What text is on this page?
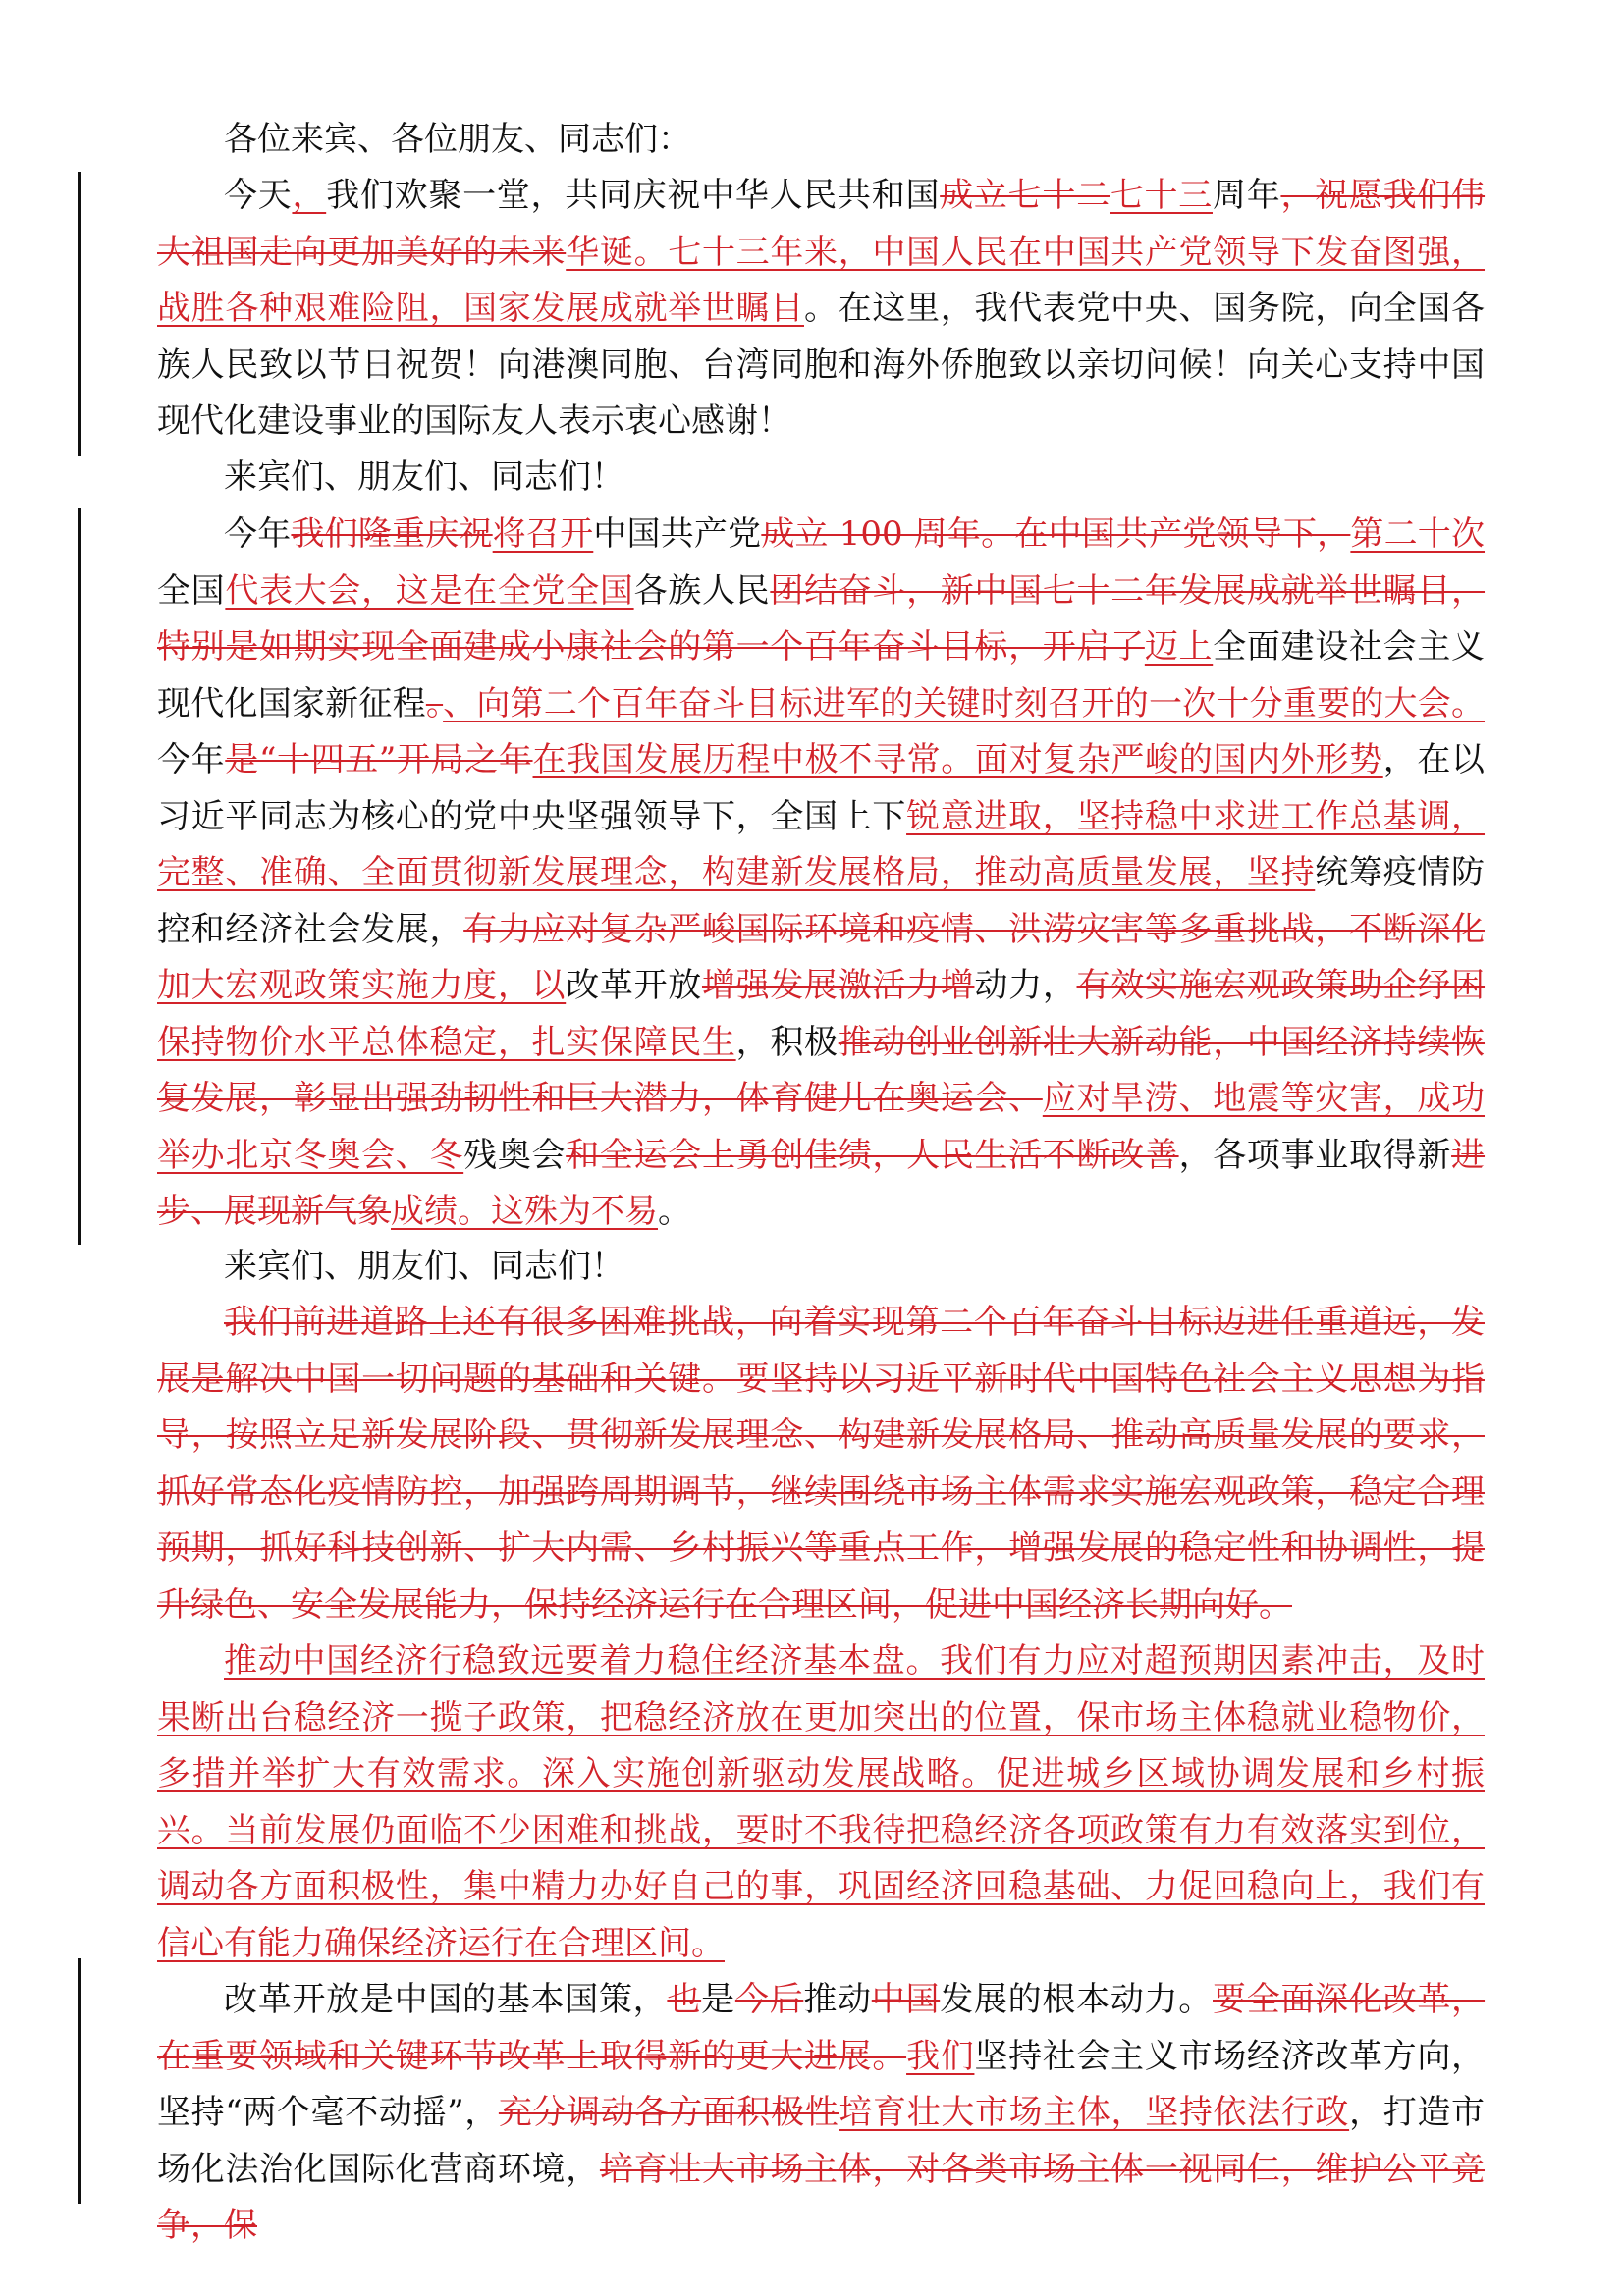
各位来宾、各位朋友、同志们：

今天，我们欢聚一堂，共同庆祝中华人民共和国成立七十二七十三周年，祝愿我们伟大祖国走向更加美好的未来华诞。七十三年来，中国人民在中国共产党领导下发奋图强，战胜各种艰难险阻，国家发展成就举世瞩目。在这里，我代表党中央、国务院，向全国各族人民致以节日祝贺！向港澳同胞、台湾同胞和海外侨胞致以亲切问候！向关心支持中国现代化建设事业的国际友人表示衷心感谢！

来宾们、朋友们、同志们！

今年我们隆重庆祝将召开中国共产党成立 100 周年。在中国共产党领导下，第二十次全国代表大会，这是在全党全国各族人民团结奋斗，新中国七十二年发展成就举世瞩目，特别是如期实现全面建成小康社会的第一个百年奋斗目标，开启了迈上全面建设社会主义现代化国家新征程。、向第二个百年奋斗目标进军的关键时刻召开的一次十分重要的大会。今年是“十四五”开局之年在我国发展历程中极不寻常。面对复杂严峻的国内外形势，在以习近平同志为核心的党中央坚强领导下，全国上下锐意进取，坚持稳中求进工作总基调，完整、准确、全面贯彻新发展理念，构建新发展格局，推动高质量发展，坚持统筹疫情防控和经济社会发展，有力应对复杂严峻国际环境和疫情、洪涝灾害等多重挑战，不断深化加大宏观政策实施力度，以改革开放增强发展激活力增动力，有效实施宏观政策助企纾困保持物价水平总体稳定，扎实保障民生，积极推动创业创新壮大新动能，中国经济持续恢复发展，彰显出强劲韧性和巨大潜力，体育健儿在奥运会、应对旱涝、地震等灾害，成功举办北京冬奥会、冬残奥会和全运会上勇创佳绩，人民生活不断改善，各项事业取得新进步、展现新气象成绩。这殊为不易。

来宾们、朋友们、同志们！

我们前进道路上还有很多困难挑战，向着实现第二个百年奋斗目标迈进任重道远，发展是解决中国一切问题的基础和关键。要坚持以习近平新时代中国特色社会主义思想为指导，按照立足新发展阶段、贯彻新发展理念、构建新发展格局、推动高质量发展的要求，抓好常态化疫情防控，加强跨周期调节，继续围绕市场主体需求实施宏观政策，稳定合理预期，抓好科技创新、扩大内需、乡村振兴等重点工作，增强发展的稳定性和协调性，提升绿色、安全发展能力，保持经济运行在合理区间，促进中国经济长期向好。

推动中国经济行稳致远要着力稳住经济基本盘。我们有力应对超预期因素冲击，及时果断出台稳经济一揽子政策，把稳经济放在更加突出的位置，保市场主体稳就业稳物价，多措并举扩大有效需求。深入实施创新驱动发展战略。促进城乡区域协调发展和乡村振兴。当前发展仍面临不少困难和挑战，要时不我待把稳经济各项政策有力有效落实到位，调动各方面积极性，集中精力办好自己的事，巩固经济回稳基础、力促回稳向上，我们有信心有能力确保经济运行在合理区间。

改革开放是中国的基本国策，也是今后推动中国发展的根本动力。要全面深化改革，在重要领域和关键环节改革上取得新的更大进展。我们坚持社会主义市场经济改革方向，坚持“两个毫不动摇”，充分调动各方面积极性培育壮大市场主体，坚持依法行政，打造市场化法治化国际化营商环境，培育壮大市场主体，对各类市场主体一视同仁，维护公平竞争，保
